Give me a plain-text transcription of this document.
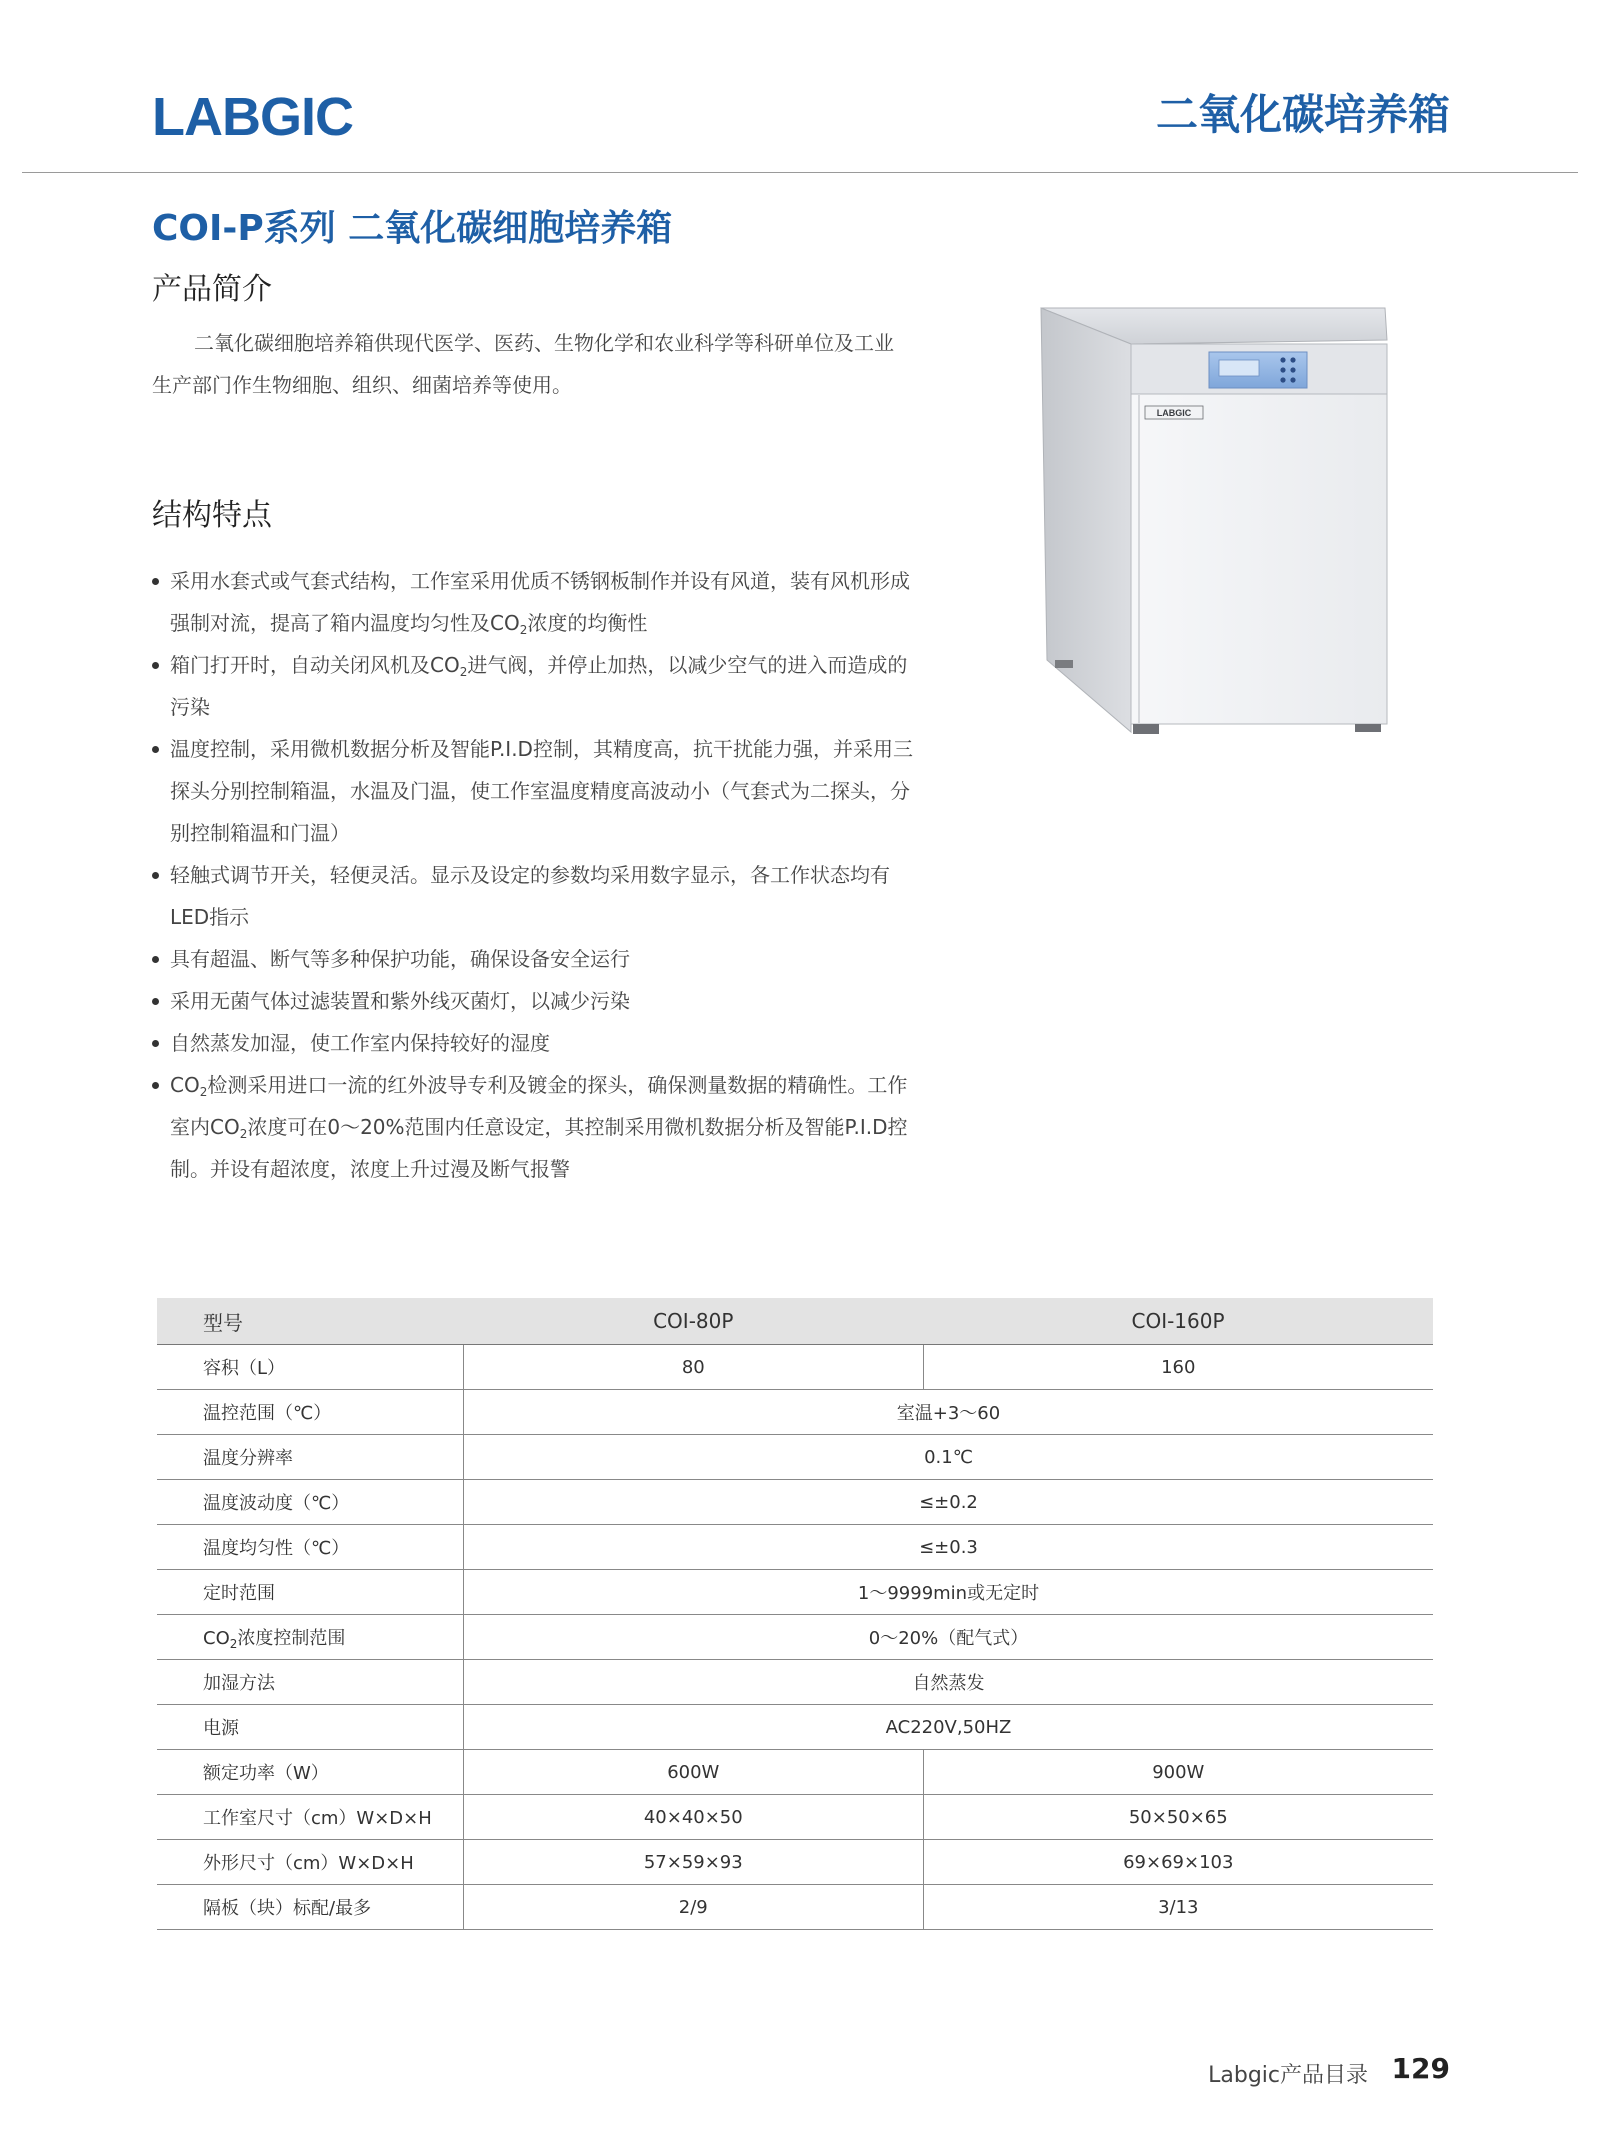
LABGIC	二氧化碳培养箱
COI-P系列 二氧化碳细胞培养箱
产品简介

二氧化碳细胞培养箱供现代医学、医药、生物化学和农业科学等科研单位及工业生产部门作生物细胞、组织、细菌培养等使用。

结构特点
采用水套式或气套式结构，工作室采用优质不锈钢板制作并设有风道，装有风机形成强制对流，提高了箱内温度均匀性及$CO_2$浓度的均衡性
箱门打开时，自动关闭风机及$CO_2$进气阀，并停止加热，以减少空气的进入而造成的污染
温度控制，采用微机数据分析及智能P.I.D控制，其精度高，抗干扰能力强，并采用三探头分别控制箱温，水温及门温，使工作室温度精度高波动小（气套式为二探头，分别控制箱温和门温）
轻触式调节开关，轻便灵活。显示及设定的参数均采用数字显示，各工作状态均有LED指示
具有超温、断气等多种保护功能，确保设备安全运行
采用无菌气体过滤装置和紫外线灭菌灯，以减少污染
自然蒸发加湿，使工作室内保持较好的湿度
$CO_2$检测采用进口一流的红外波导专利及镀金的探头，确保测量数据的精确性。工作室内$CO_2$浓度可在0～20%范围内任意设定，其控制采用微机数据分析及智能P.I.D控制。并设有超浓度，浓度上升过漫及断气报警
LABGIC
型号	COI-80P	COI-160P
容积（L）	80	160
温控范围（℃）	室温+3～60	
温度分辨率	0.1℃	
温度波动度（℃）	≤±0.2	
温度均匀性（℃）	≤±0.3	
定时范围	1～9999min或无定时	
$CO_2$浓度控制范围	0～20%（配气式）	
加湿方法	自然蒸发	
电源	AC220V,50HZ	
额定功率（W）	600W	900W
工作室尺寸（cm）W×D×H	40×40×50	50×50×65
外形尺寸（cm）W×D×H	57×59×93	69×69×103
隔板（块）标配/最多	2/9	3/13
Labgic产品目录 129
